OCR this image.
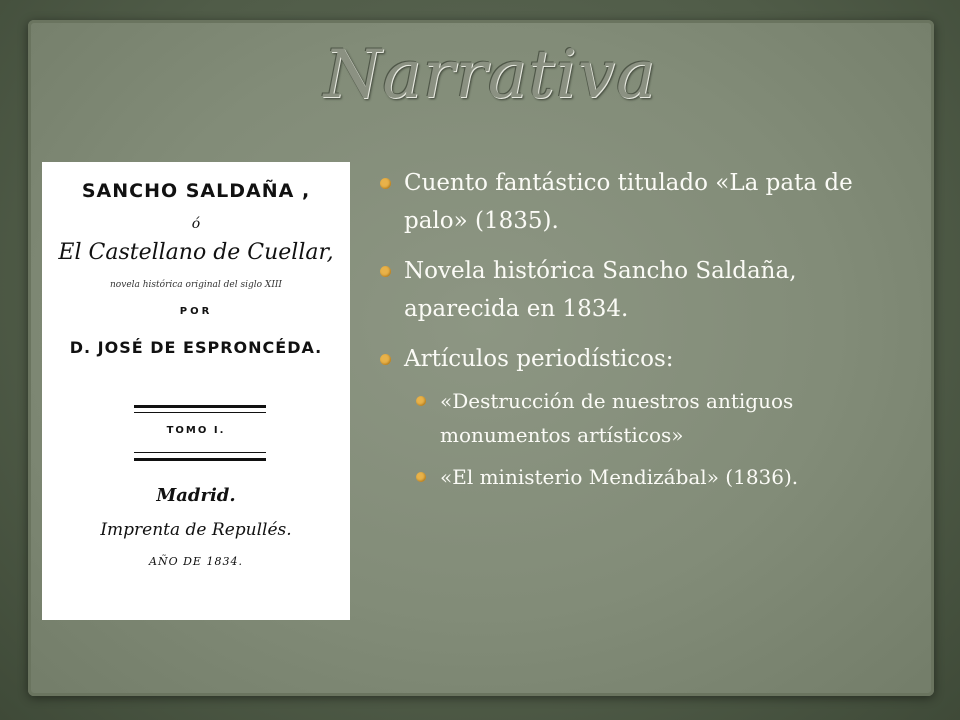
Narrativa
SANCHO SALDAÑA ,
ó
El Castellano de Cuellar,
novela histórica original del siglo XIII
POR
D. JOSÉ DE ESPRONCÉDA.
TOMO I.
Madrid.
Imprenta de Repullés.
AÑO DE 1834.
Cuento fantástico titulado «La pata de palo» (1835).
Novela histórica Sancho Saldaña, aparecida en 1834.
Artículos periodísticos:
«Destrucción de nuestros antiguos monumentos artísticos»
«El ministerio Mendizábal» (1836).
